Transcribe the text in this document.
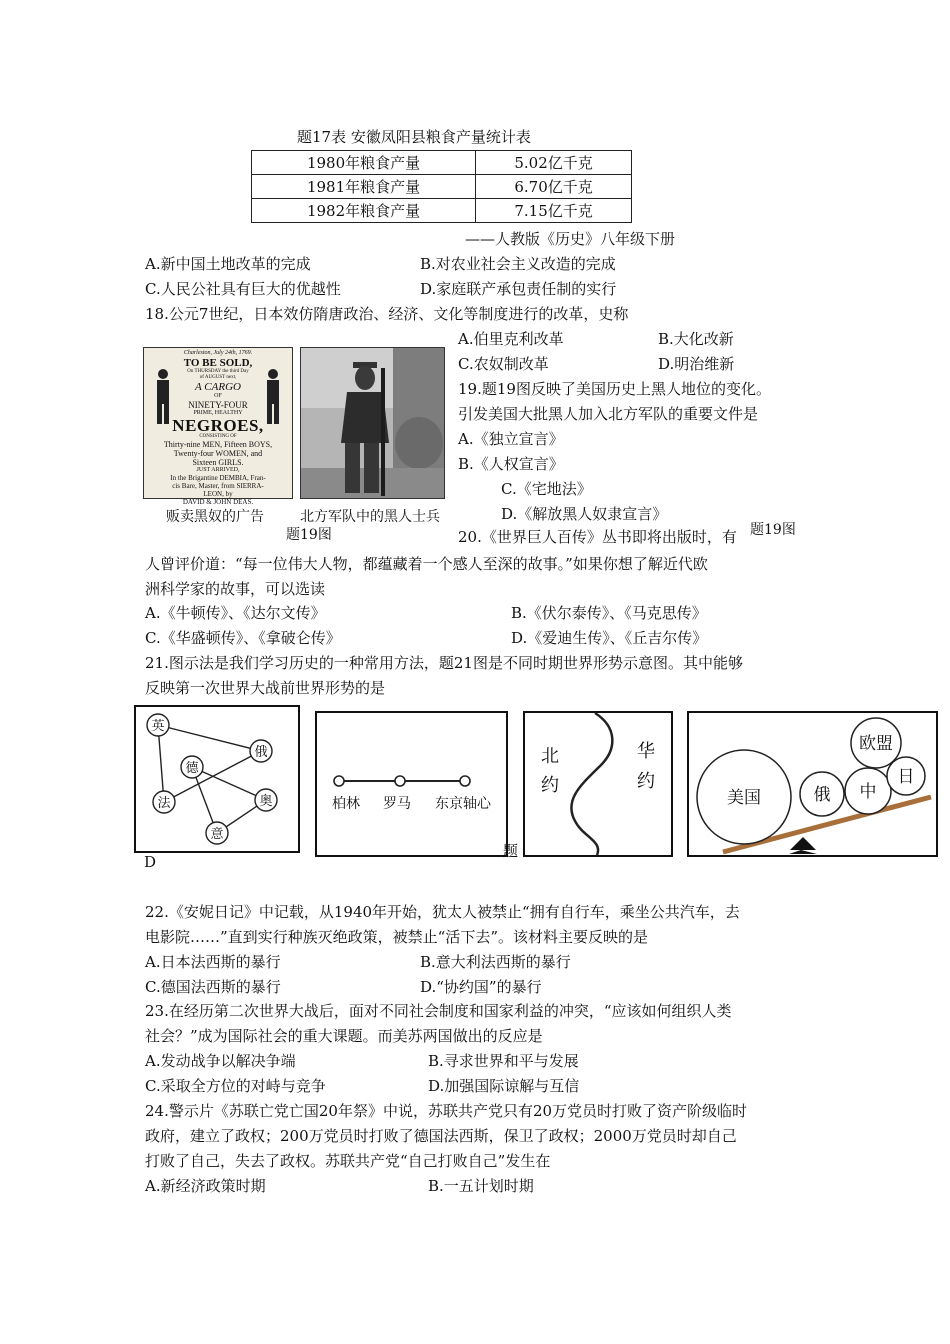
题17表 安徽凤阳县粮食产量统计表
1980年粮食产量	5.02亿千克
1981年粮食产量	6.70亿千克
1982年粮食产量	7.15亿千克
——人教版《历史》八年级下册
A.新中国土地改革的完成	B.对农业社会主义改造的完成
C.人民公社具有巨大的优越性	D.家庭联产承包责任制的实行
18.公元7世纪，日本效仿隋唐政治、经济、文化等制度进行的改革，史称
A.伯里克利改革	B.大化改新
C.农奴制改革	D.明治维新
Charleston, July 24th, 1769.
TO BE SOLD,
On THURSDAY the third Day
of AUGUST next,
A CARGO
OF
NINETY-FOUR
PRIME, HEALTHY
NEGROES,
CONSISTING OF
Thirty-nine MEN, Fifteen BOYS,
Twenty-four WOMEN, and
Sixteen GIRLS.
JUST ARRIVED,
In the Brigantine DEMBIA, Fran-
cis Bare, Master, from SIERRA-
LEON, by
DAVID & JOHN DEAS.
贩卖黑奴的广告	北方军队中的黑人士兵
题19图
19.题19图反映了美国历史上黑人地位的变化。
引发美国大批黑人加入北方军队的重要文件是
A.《独立宣言》
B.《人权宣言》
C.《宅地法》
D.《解放黑人奴隶宣言》
题19图
20.《世界巨人百传》丛书即将出版时，有
人曾评价道：“每一位伟大人物，都蕴藏着一个感人至深的故事。”如果你想了解近代欧
洲科学家的故事，可以选读
A.《牛顿传》、《达尔文传》	B.《伏尔泰传》、《马克思传》
C.《华盛顿传》、《拿破仑传》	D.《爱迪生传》、《丘吉尔传》
21.图示法是我们学习历史的一种常用方法，题21图是不同时期世界形势示意图。其中能够
反映第一次世界大战前世界形势的是
英
俄
德
法	奥
意
柏林 罗马 东京轴心
北
约
华
约
美国
欧盟
日
中
俄
D
题
22.《安妮日记》中记载，从1940年开始，犹太人被禁止“拥有自行车，乘坐公共汽车，去
电影院……”直到实行种族灭绝政策，被禁止“活下去”。该材料主要反映的是
A.日本法西斯的暴行	B.意大利法西斯的暴行
C.德国法西斯的暴行	D.“协约国”的暴行
23.在经历第二次世界大战后，面对不同社会制度和国家利益的冲突，“应该如何组织人类
社会？”成为国际社会的重大课题。而美苏两国做出的反应是
A.发动战争以解决争端	B.寻求世界和平与发展
C.采取全方位的对峙与竞争	D.加强国际谅解与互信
24.警示片《苏联亡党亡国20年祭》中说，苏联共产党只有20万党员时打败了资产阶级临时
政府，建立了政权；200万党员时打败了德国法西斯，保卫了政权；2000万党员时却自己
打败了自己，失去了政权。苏联共产党“自己打败自己”发生在
A.新经济政策时期	B.一五计划时期
